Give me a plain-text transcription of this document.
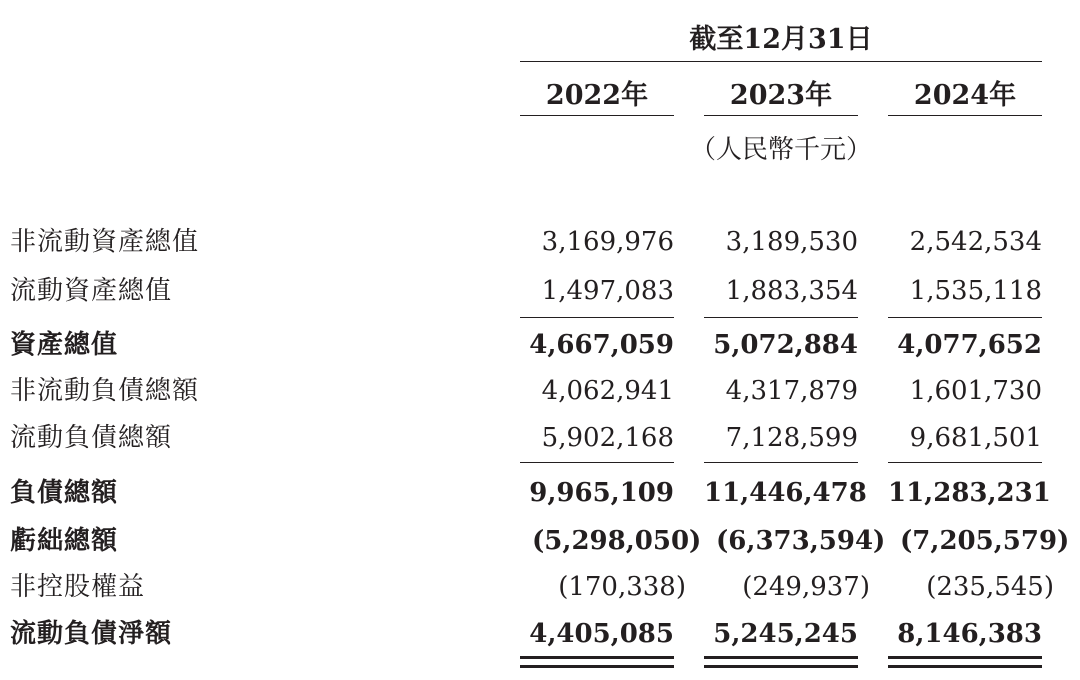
截至12月31日
2022年	2023年	2024年
（人民幣千元）
非流動資產總值	3,169,976	3,189,530	2,542,534
流動資產總值	1,497,083	1,883,354	1,535,118
資產總值	4,667,059	5,072,884	4,077,652
非流動負債總額	4,062,941	4,317,879	1,601,730
流動負債總額	5,902,168	7,128,599	9,681,501
負債總額	9,965,109 11,446,478 11,283,231
虧絀總額	(5,298,050) (6,373,594) (7,205,579)
非控股權益	(170,338)	(249,937)	(235,545)
流動負債淨額	4,405,085	5,245,245	8,146,383
